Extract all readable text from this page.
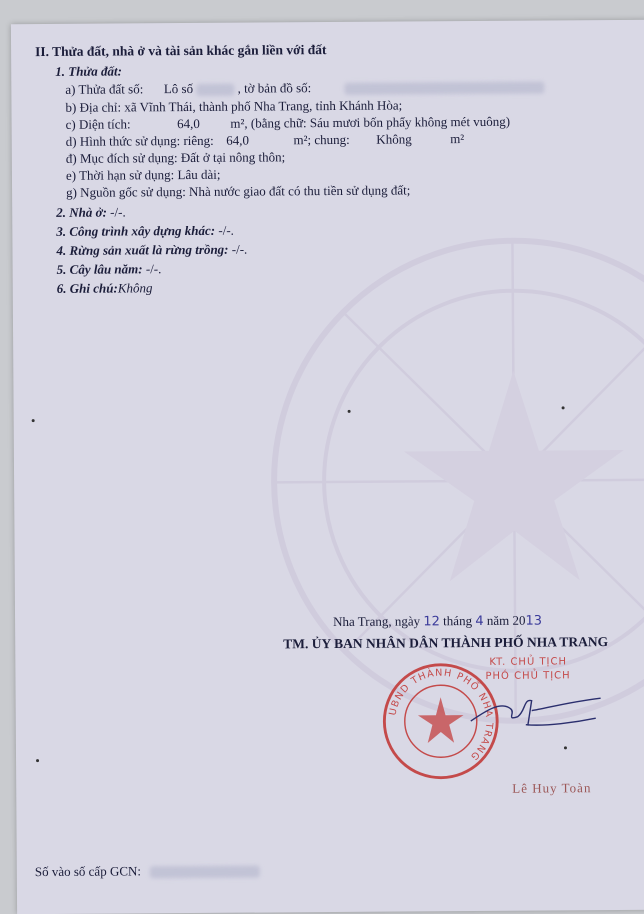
II. Thửa đất, nhà ở và tài sản khác gắn liền với đất
1. Thửa đất:
a) Thửa đất số: Lô số	, tờ bản đồ số:
b) Địa chỉ: xã Vĩnh Thái, thành phố Nha Trang, tỉnh Khánh Hòa;
c) Diện tích:	64,0 m², (bằng chữ: Sáu mươi bốn phẩy không mét vuông)
d) Hình thức sử dụng: riêng: 64,0	m²; chung: Không	m²
đ) Mục đích sử dụng: Đất ở tại nông thôn;
e) Thời hạn sử dụng: Lâu dài;
g) Nguồn gốc sử dụng: Nhà nước giao đất có thu tiền sử dụng đất;
2. Nhà ở: -/-.
3. Công trình xây dựng khác: -/-.
4. Rừng sản xuất là rừng trồng: -/-.
5. Cây lâu năm: -/-.
6. Ghi chú:Không
Nha Trang, ngày 12 tháng 4 năm 2013
TM. ỦY BAN NHÂN DÂN THÀNH PHỐ NHA TRANG
KT. CHỦ TỊCH
PHÓ CHỦ TỊCH
UBND THÀNH PHỐ NHA TRANG
Lê Huy Toàn
Số vào số cấp GCN:
